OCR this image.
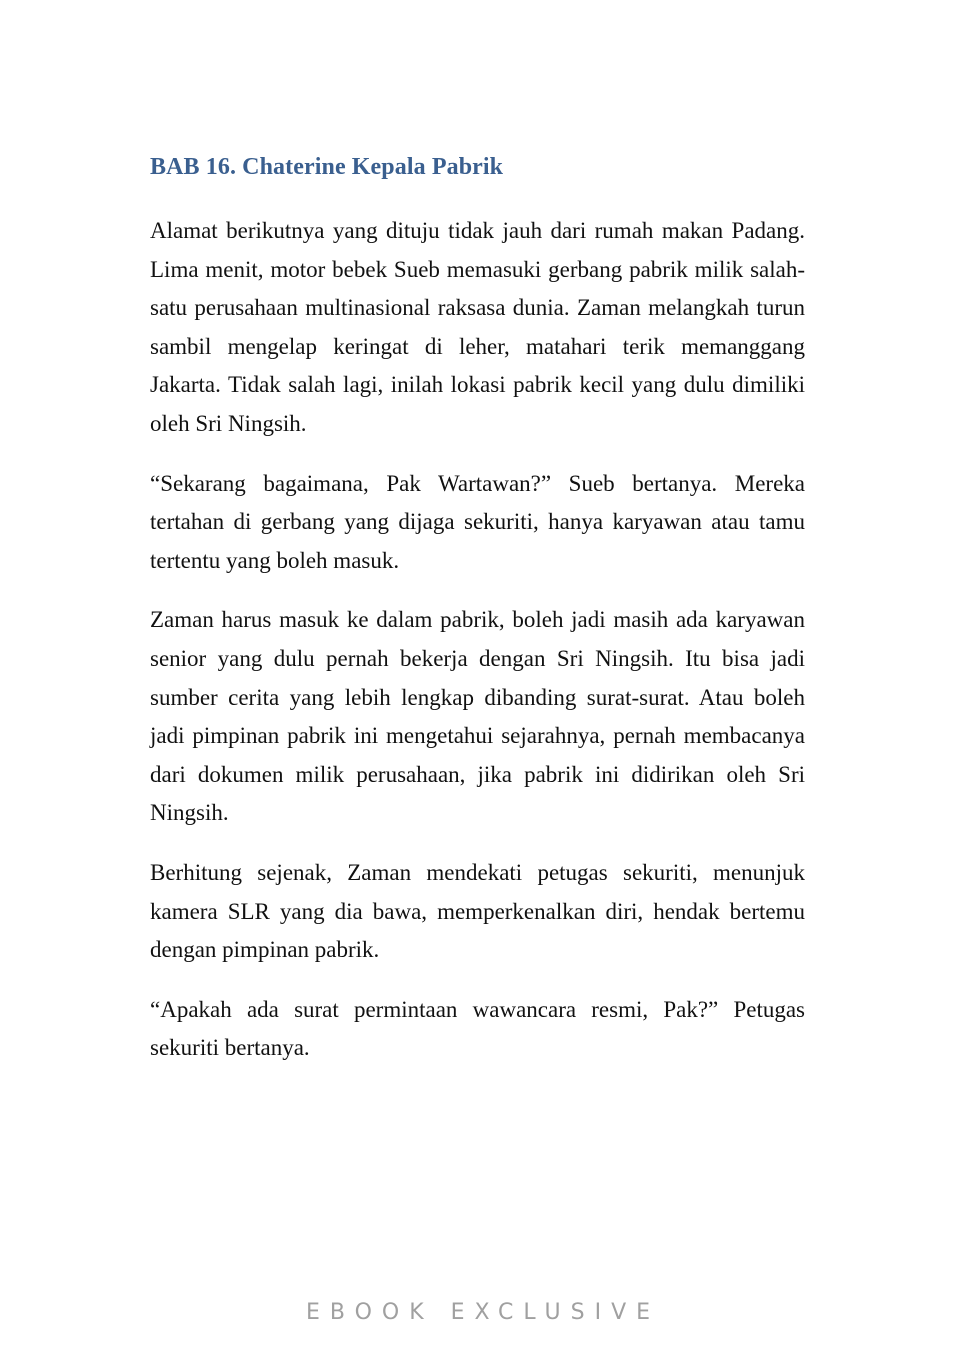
BAB 16. Chaterine Kepala Pabrik

Alamat berikutnya yang dituju tidak jauh dari rumah makan Padang. Lima menit, motor bebek Sueb memasuki gerbang pabrik milik salah-satu perusahaan multinasional raksasa dunia. Zaman melangkah turun sambil mengelap keringat di leher, matahari terik memanggang Jakarta. Tidak salah lagi, inilah lokasi pabrik kecil yang dulu dimiliki oleh Sri Ningsih.

“Sekarang bagaimana, Pak Wartawan?” Sueb bertanya. Mereka tertahan di gerbang yang dijaga sekuriti, hanya karyawan atau tamu tertentu yang boleh masuk.

Zaman harus masuk ke dalam pabrik, boleh jadi masih ada karyawan senior yang dulu pernah bekerja dengan Sri Ningsih. Itu bisa jadi sumber cerita yang lebih lengkap dibanding surat-surat. Atau boleh jadi pimpinan pabrik ini mengetahui sejarahnya, pernah membacanya dari dokumen milik perusahaan, jika pabrik ini didirikan oleh Sri Ningsih.

Berhitung sejenak, Zaman mendekati petugas sekuriti, menunjuk kamera SLR yang dia bawa, memperkenalkan diri, hendak bertemu dengan pimpinan pabrik.

“Apakah ada surat permintaan wawancara resmi, Pak?” Petugas sekuriti bertanya.

EBOOK EXCLUSIVE
